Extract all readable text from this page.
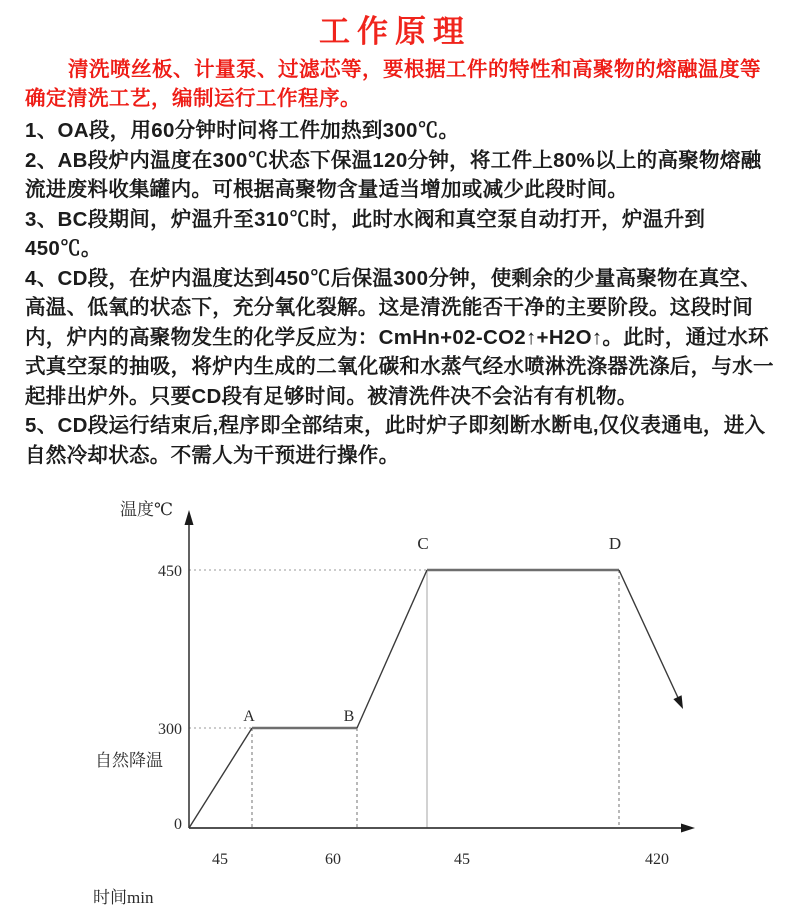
工作原理

清洗喷丝板、计量泵、过滤芯等，要根据工件的特性和高聚物的熔融温度等确定清洗工艺，编制运行工作程序。

1、OA段，用60分钟时问将工件加热到300℃。

2、AB段炉内温度在300℃状态下保温120分钟，将工件上80%以上的高聚物熔融流进废料收集罐内。可根据高聚物含量适当增加或减少此段时间。

3、BC段期间，炉温升至310℃时，此时水阀和真空泵自动打开，炉温升到450℃。

4、CD段，在炉内温度达到450℃后保温300分钟，使剩余的少量高聚物在真空、高温、低氧的状态下，充分氧化裂解。这是清洗能否干净的主要阶段。这段时间内，炉内的高聚物发生的化学反应为：CmHn+02-CO2↑+H2O↑。此时，通过水环式真空泵的抽吸，将炉内生成的二氧化碳和水蒸气经水喷淋洗涤器洗涤后，与水一起排出炉外。只要CD段有足够时间。被清洗件决不会沾有有机物。

5、CD段运行结束后,程序即全部结束，此时炉子即刻断水断电,仅仪表通电，进入自然冷却状态。不需人为干预进行操作。

450
300
0
A	B
C	D
45	60	45	420
温度℃
自然降温
时间min
